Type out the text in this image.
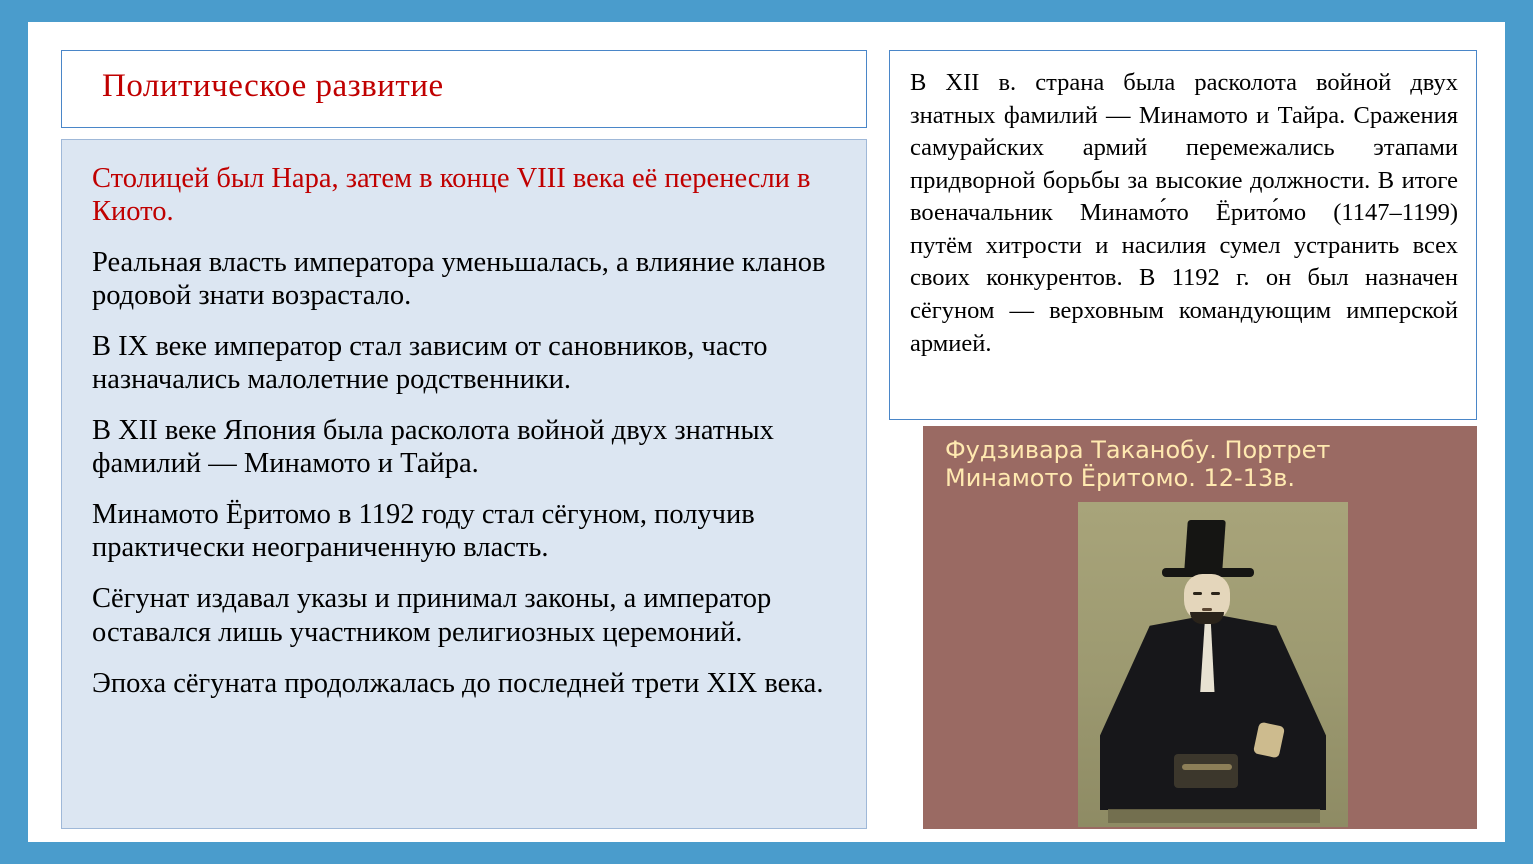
Политическое развитие

Столицей был Нара, затем в конце VIII века её перенесли в Киото.

Реальная власть императора уменьшалась, а влияние кланов родовой знати возрастало.

В IX веке император стал зависим от сановников, часто назначались малолетние родственники.

В XII веке Япония была расколота войной двух знатных фамилий — Минамото и Тайра.

Минамото Ёритомо в 1192 году стал сёгуном, получив практически неограниченную власть.

Сёгунат издавал указы и принимал законы, а император оставался лишь участником религиозных церемоний.

Эпоха сёгуната продолжалась до последней трети XIX века.

В XII в. страна была расколота войной двух знатных фамилий — Минамото и Тайра. Сражения самурайских армий перемежались этапами придворной борьбы за высокие должности. В итоге военачальник Минамо́то Ёрито́мо (1147–1199) путём хитрости и насилия сумел устранить всех своих конкурентов. В 1192 г. он был назначен сёгуном — верховным командующим имперской армией.

Фудзивара Таканобу. Портрет Минамото Ёритомо. 12-13в.
